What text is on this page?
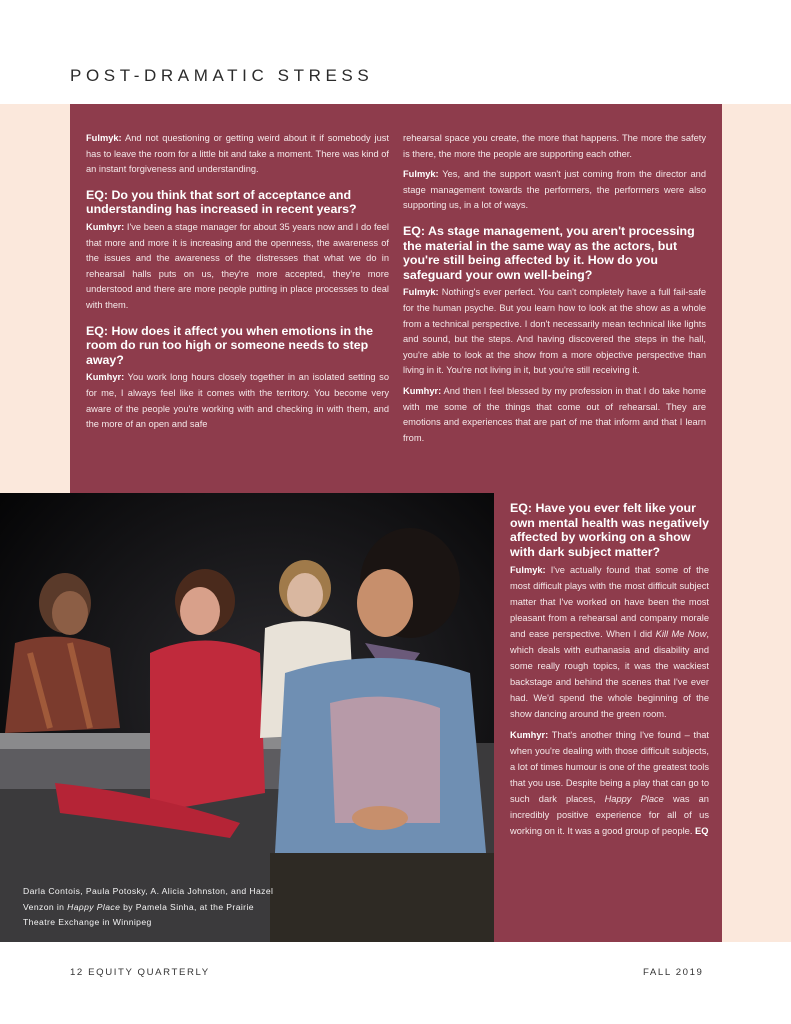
POST-DRAMATIC STRESS

Fulmyk: And not questioning or getting weird about it if somebody just has to leave the room for a little bit and take a moment. There was kind of an instant forgiveness and understanding.

EQ: Do you think that sort of acceptance and understanding has increased in recent years?

Kumhyr: I've been a stage manager for about 35 years now and I do feel that more and more it is increasing and the openness, the awareness of the issues and the awareness of the distresses that what we do in rehearsal halls puts on us, they're more accepted, they're more understood and there are more people putting in place processes to deal with them.

EQ: How does it affect you when emotions in the room do run too high or someone needs to step away?

Kumhyr: You work long hours closely together in an isolated setting so for me, I always feel like it comes with the territory. You become very aware of the people you're working with and checking in with them, and the more of an open and safe

rehearsal space you create, the more that happens. The more the safety is there, the more the people are supporting each other.

Fulmyk: Yes, and the support wasn't just coming from the director and stage management towards the performers, the performers were also supporting us, in a lot of ways.

EQ: As stage management, you aren't processing the material in the same way as the actors, but you're still being affected by it. How do you safeguard your own well-being?

Fulmyk: Nothing's ever perfect. You can't completely have a full fail-safe for the human psyche. But you learn how to look at the show as a whole from a technical perspective. I don't necessarily mean technical like lights and sound, but the steps. And having discovered the steps in the hall, you're able to look at the show from a more objective perspective than living in it. You're not living in it, but you're still receiving it.

Kumhyr: And then I feel blessed by my profession in that I do take home with me some of the things that come out of rehearsal. They are emotions and experiences that are part of me that inform and that I learn from.

Darla Contois, Paula Potosky, A. Alicia Johnston, and Hazel Venzon in Happy Place by Pamela Sinha, at the Prairie Theatre Exchange in Winnipeg
EQ: Have you ever felt like your own mental health was negatively affected by working on a show with dark subject matter?

Fulmyk: I've actually found that some of the most difficult plays with the most difficult subject matter that I've worked on have been the most pleasant from a rehearsal and company morale and ease perspective. When I did Kill Me Now, which deals with euthanasia and disability and some really rough topics, it was the wackiest backstage and behind the scenes that I've ever had. We'd spend the whole beginning of the show dancing around the green room.

Kumhyr: That's another thing I've found – that when you're dealing with those difficult subjects, a lot of times humour is one of the greatest tools that you use. Despite being a play that can go to such dark places, Happy Place was an incredibly positive experience for all of us working on it. It was a good group of people. EQ

12 EQUITY QUARTERLY	FALL 2019
